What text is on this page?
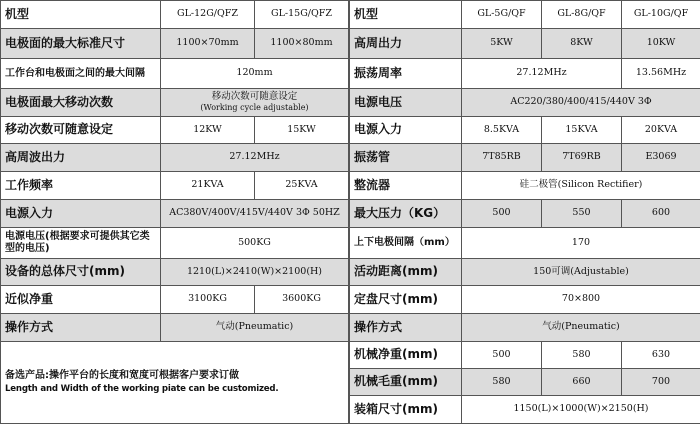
机型	GL-12G/QFZ	GL-15G/QFZ
电极面的最大标准尺寸	1100×70mm	1100×80mm
工作台和电极面之间的最大间隔	120mm	
电极面最大移动次数	移动次数可随意设定
(Working cycle adjustable)	

移动次数可随意设定	12KW	15KW
高周波出力	27.12MHz	
工作频率	21KVA	25KVA
电源入力	AC380V/400V/415V/440V 3Φ 50HZ	
电源电压(根据要求可提供其它类型的电压)	500KG	
设备的总体尺寸(mm)	1210(L)×2410(W)×2100(H)	
近似净重	3100KG	3600KG
操作方式	气动(Pneumatic)	

备选产品:操作平台的长度和宽度可根据客户要求订做
Length and Width of the working piate can be customized.		
机型	GL-5G/QF	GL-8G/QF	GL-10G/QF
高周出力	5KW	8KW	10KW
振荡周率	27.12MHz		13.56MHz
电源电压	AC220/380/400/415/440V 3Φ		
电源入力	8.5KVA	15KVA	20KVA
振荡管	7T85RB	7T69RB	E3069
整流器	硅二极管(Silicon Rectifier)		
最大压力（KG）	500	550	600
上下电极间隔（mm）	170		
活动距离(mm)	150可调(Adjustable)		
定盘尺寸(mm)	70×800		
操作方式	气动(Pneumatic)		
机械净重(mm)	500	580	630
机械毛重(mm)	580	660	700
装箱尺寸(mm)	1150(L)×1000(W)×2150(H)		
